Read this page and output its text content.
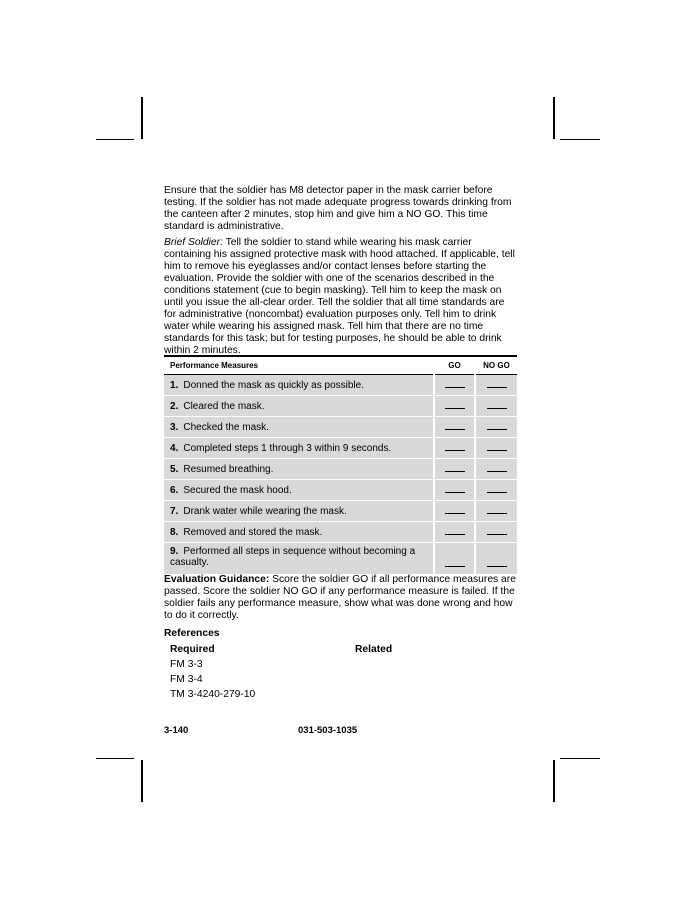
Ensure that the soldier has M8 detector paper in the mask carrier before testing. If the soldier has not made adequate progress towards drinking from the canteen after 2 minutes, stop him and give him a NO GO. This time standard is administrative.

Brief Soldier: Tell the soldier to stand while wearing his mask carrier containing his assigned protective mask with hood attached. If applicable, tell him to remove his eyeglasses and/or contact lenses before starting the evaluation. Provide the soldier with one of the scenarios described in the conditions statement (cue to begin masking). Tell him to keep the mask on until you issue the all-clear order. Tell the soldier that all time standards are for administrative (noncombat) evaluation purposes only. Tell him to drink water while wearing his assigned mask. Tell him that there are no time standards for this task; but for testing purposes, he should be able to drink within 2 minutes.

Performance Measures	GO	NO GO
1. Donned the mask as quickly as possible.		
2. Cleared the mask.		
3. Checked the mask.		
4. Completed steps 1 through 3 within 9 seconds.		
5. Resumed breathing.		
6. Secured the mask hood.		
7. Drank water while wearing the mask.		
8. Removed and stored the mask.		
9. Performed all steps in sequence without becoming a casualty.		

Evaluation Guidance: Score the soldier GO if all performance measures are passed. Score the soldier NO GO if any performance measure is failed. If the soldier fails any performance measure, show what was done wrong and how to do it correctly.

References
Required	Related
FM 3-3
FM 3-4
TM 3-4240-279-10
3-140	031-503-1035
